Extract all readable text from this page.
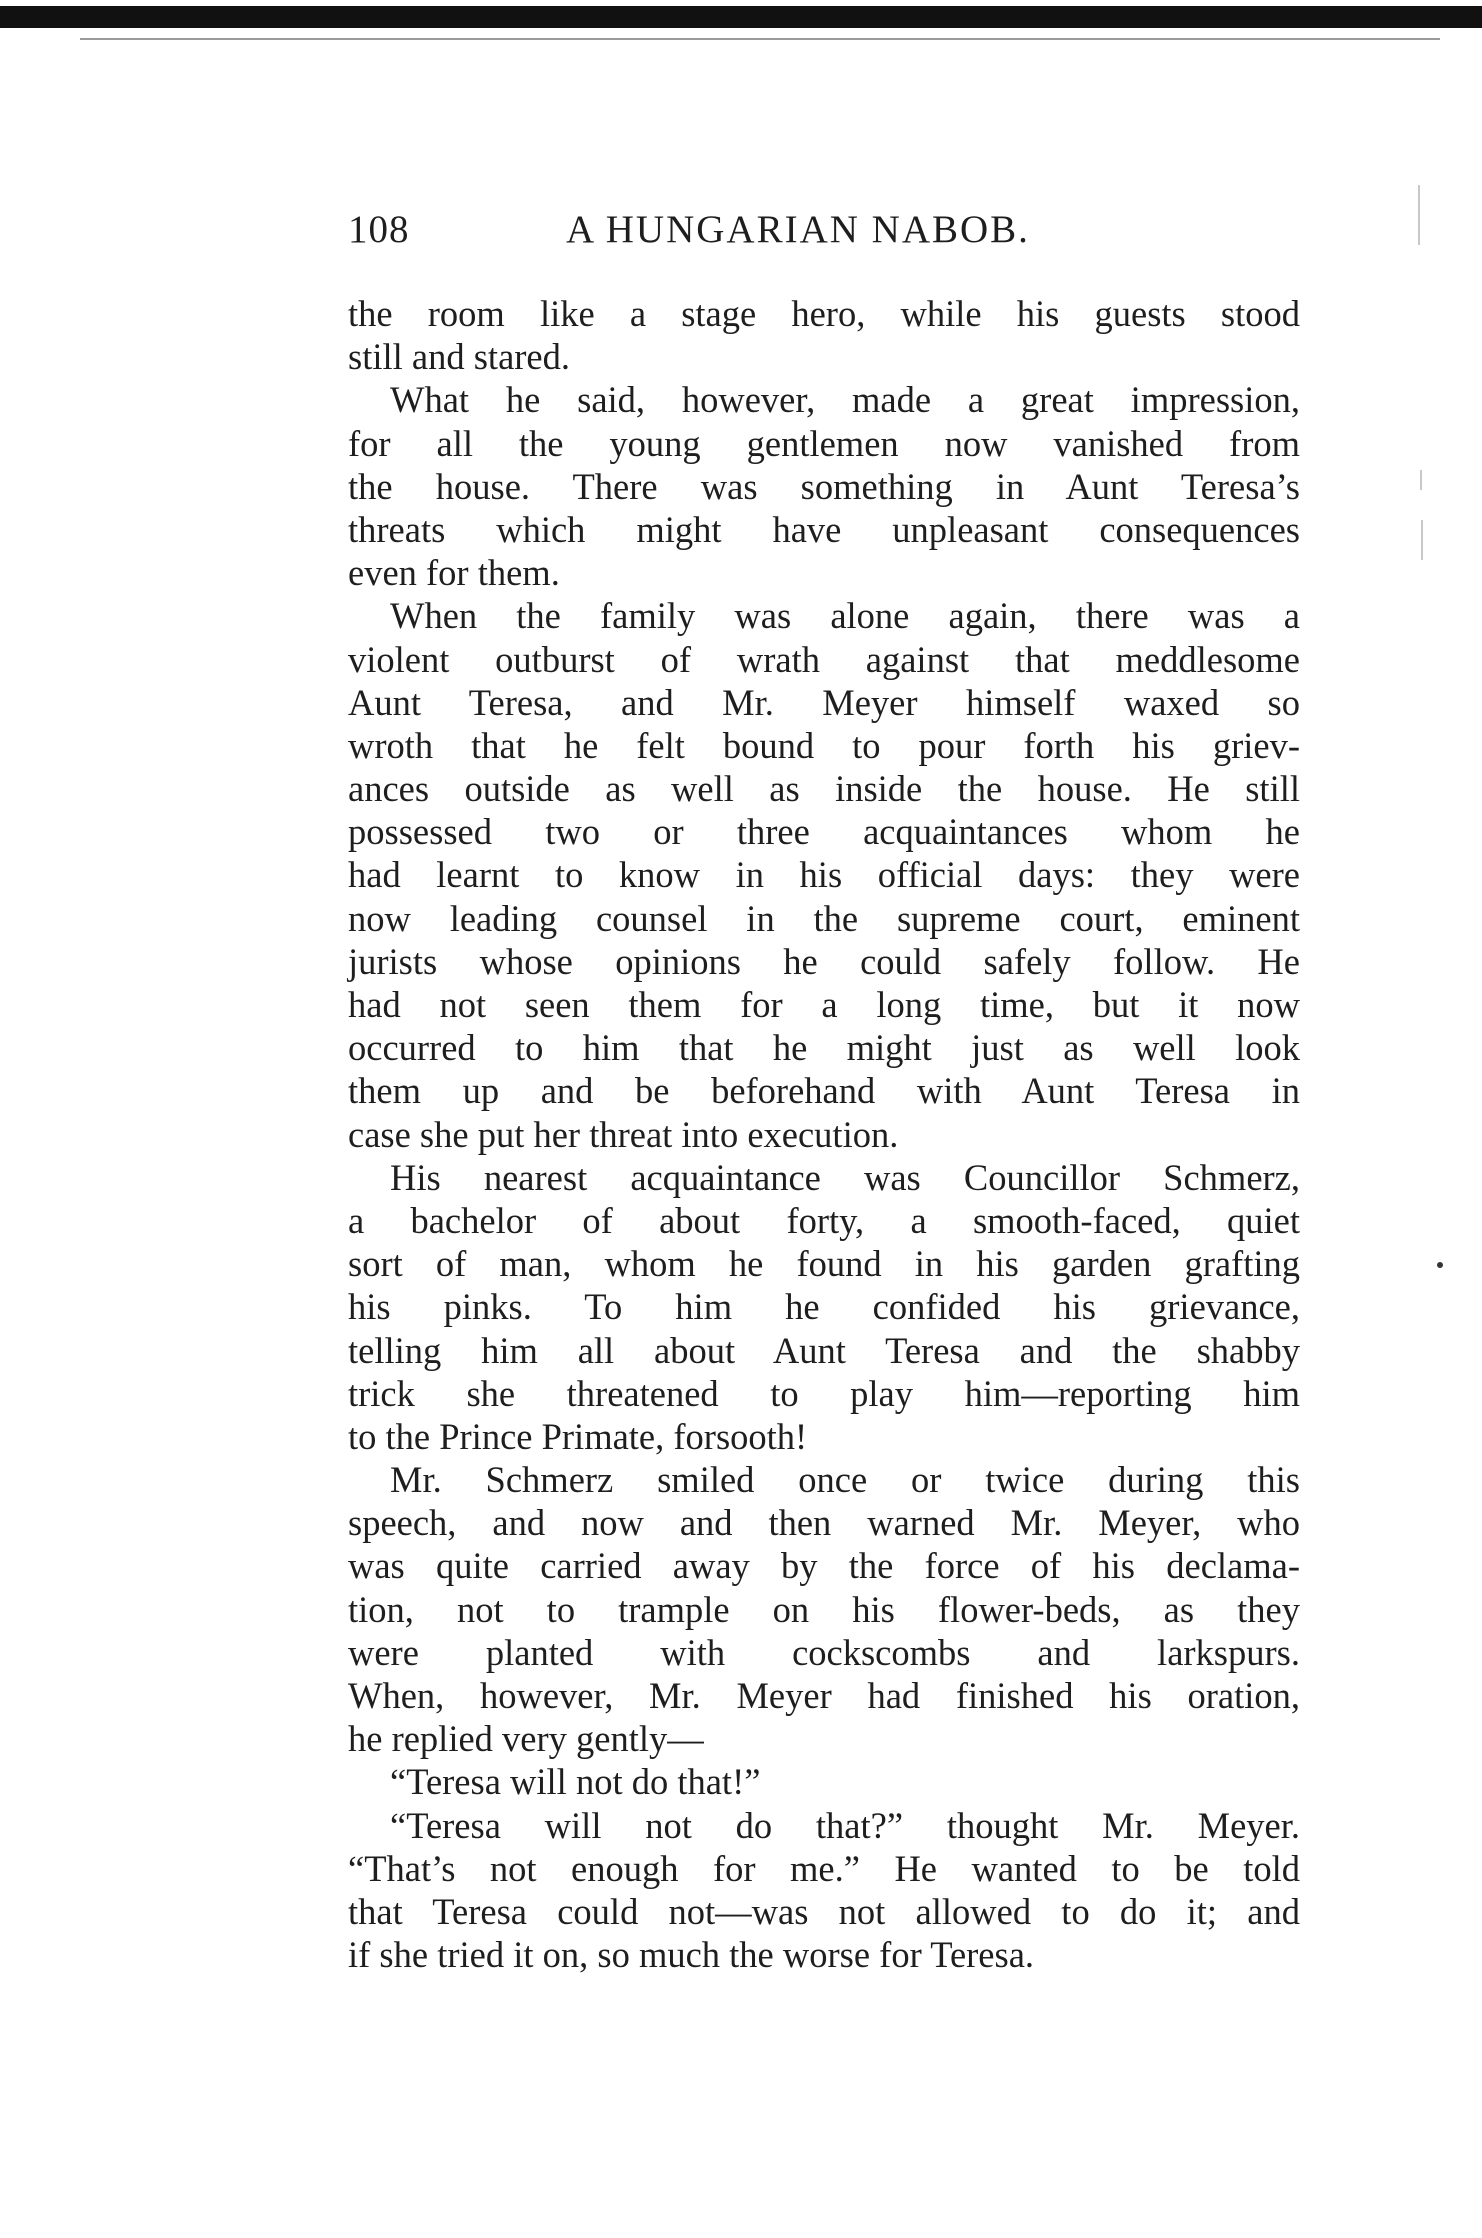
108	A HUNGARIAN NABOB.
the room like a stage hero, while his guests stood
still and stared.
What he said, however, made a great impression,
for all the young gentlemen now vanished from
the house. There was something in Aunt Teresa’s
threats which might have unpleasant consequences
even for them.
When the family was alone again, there was a
violent outburst of wrath against that meddlesome
Aunt Teresa, and Mr. Meyer himself waxed so
wroth that he felt bound to pour forth his griev-
ances outside as well as inside the house. He still
possessed two or three acquaintances whom he
had learnt to know in his official days: they were
now leading counsel in the supreme court, eminent
jurists whose opinions he could safely follow. He
had not seen them for a long time, but it now
occurred to him that he might just as well look
them up and be beforehand with Aunt Teresa in
case she put her threat into execution.
His nearest acquaintance was Councillor Schmerz,
a bachelor of about forty, a smooth-faced, quiet
sort of man, whom he found in his garden grafting
his pinks. To him he confided his grievance,
telling him all about Aunt Teresa and the shabby
trick she threatened to play him—reporting him
to the Prince Primate, forsooth!
Mr. Schmerz smiled once or twice during this
speech, and now and then warned Mr. Meyer, who
was quite carried away by the force of his declama-
tion, not to trample on his flower-beds, as they
were planted with cockscombs and larkspurs.
When, however, Mr. Meyer had finished his oration,
he replied very gently—
“Teresa will not do that!”
“Teresa will not do that?” thought Mr. Meyer.
“That’s not enough for me.” He wanted to be told
that Teresa could not—was not allowed to do it; and
if she tried it on, so much the worse for Teresa.
